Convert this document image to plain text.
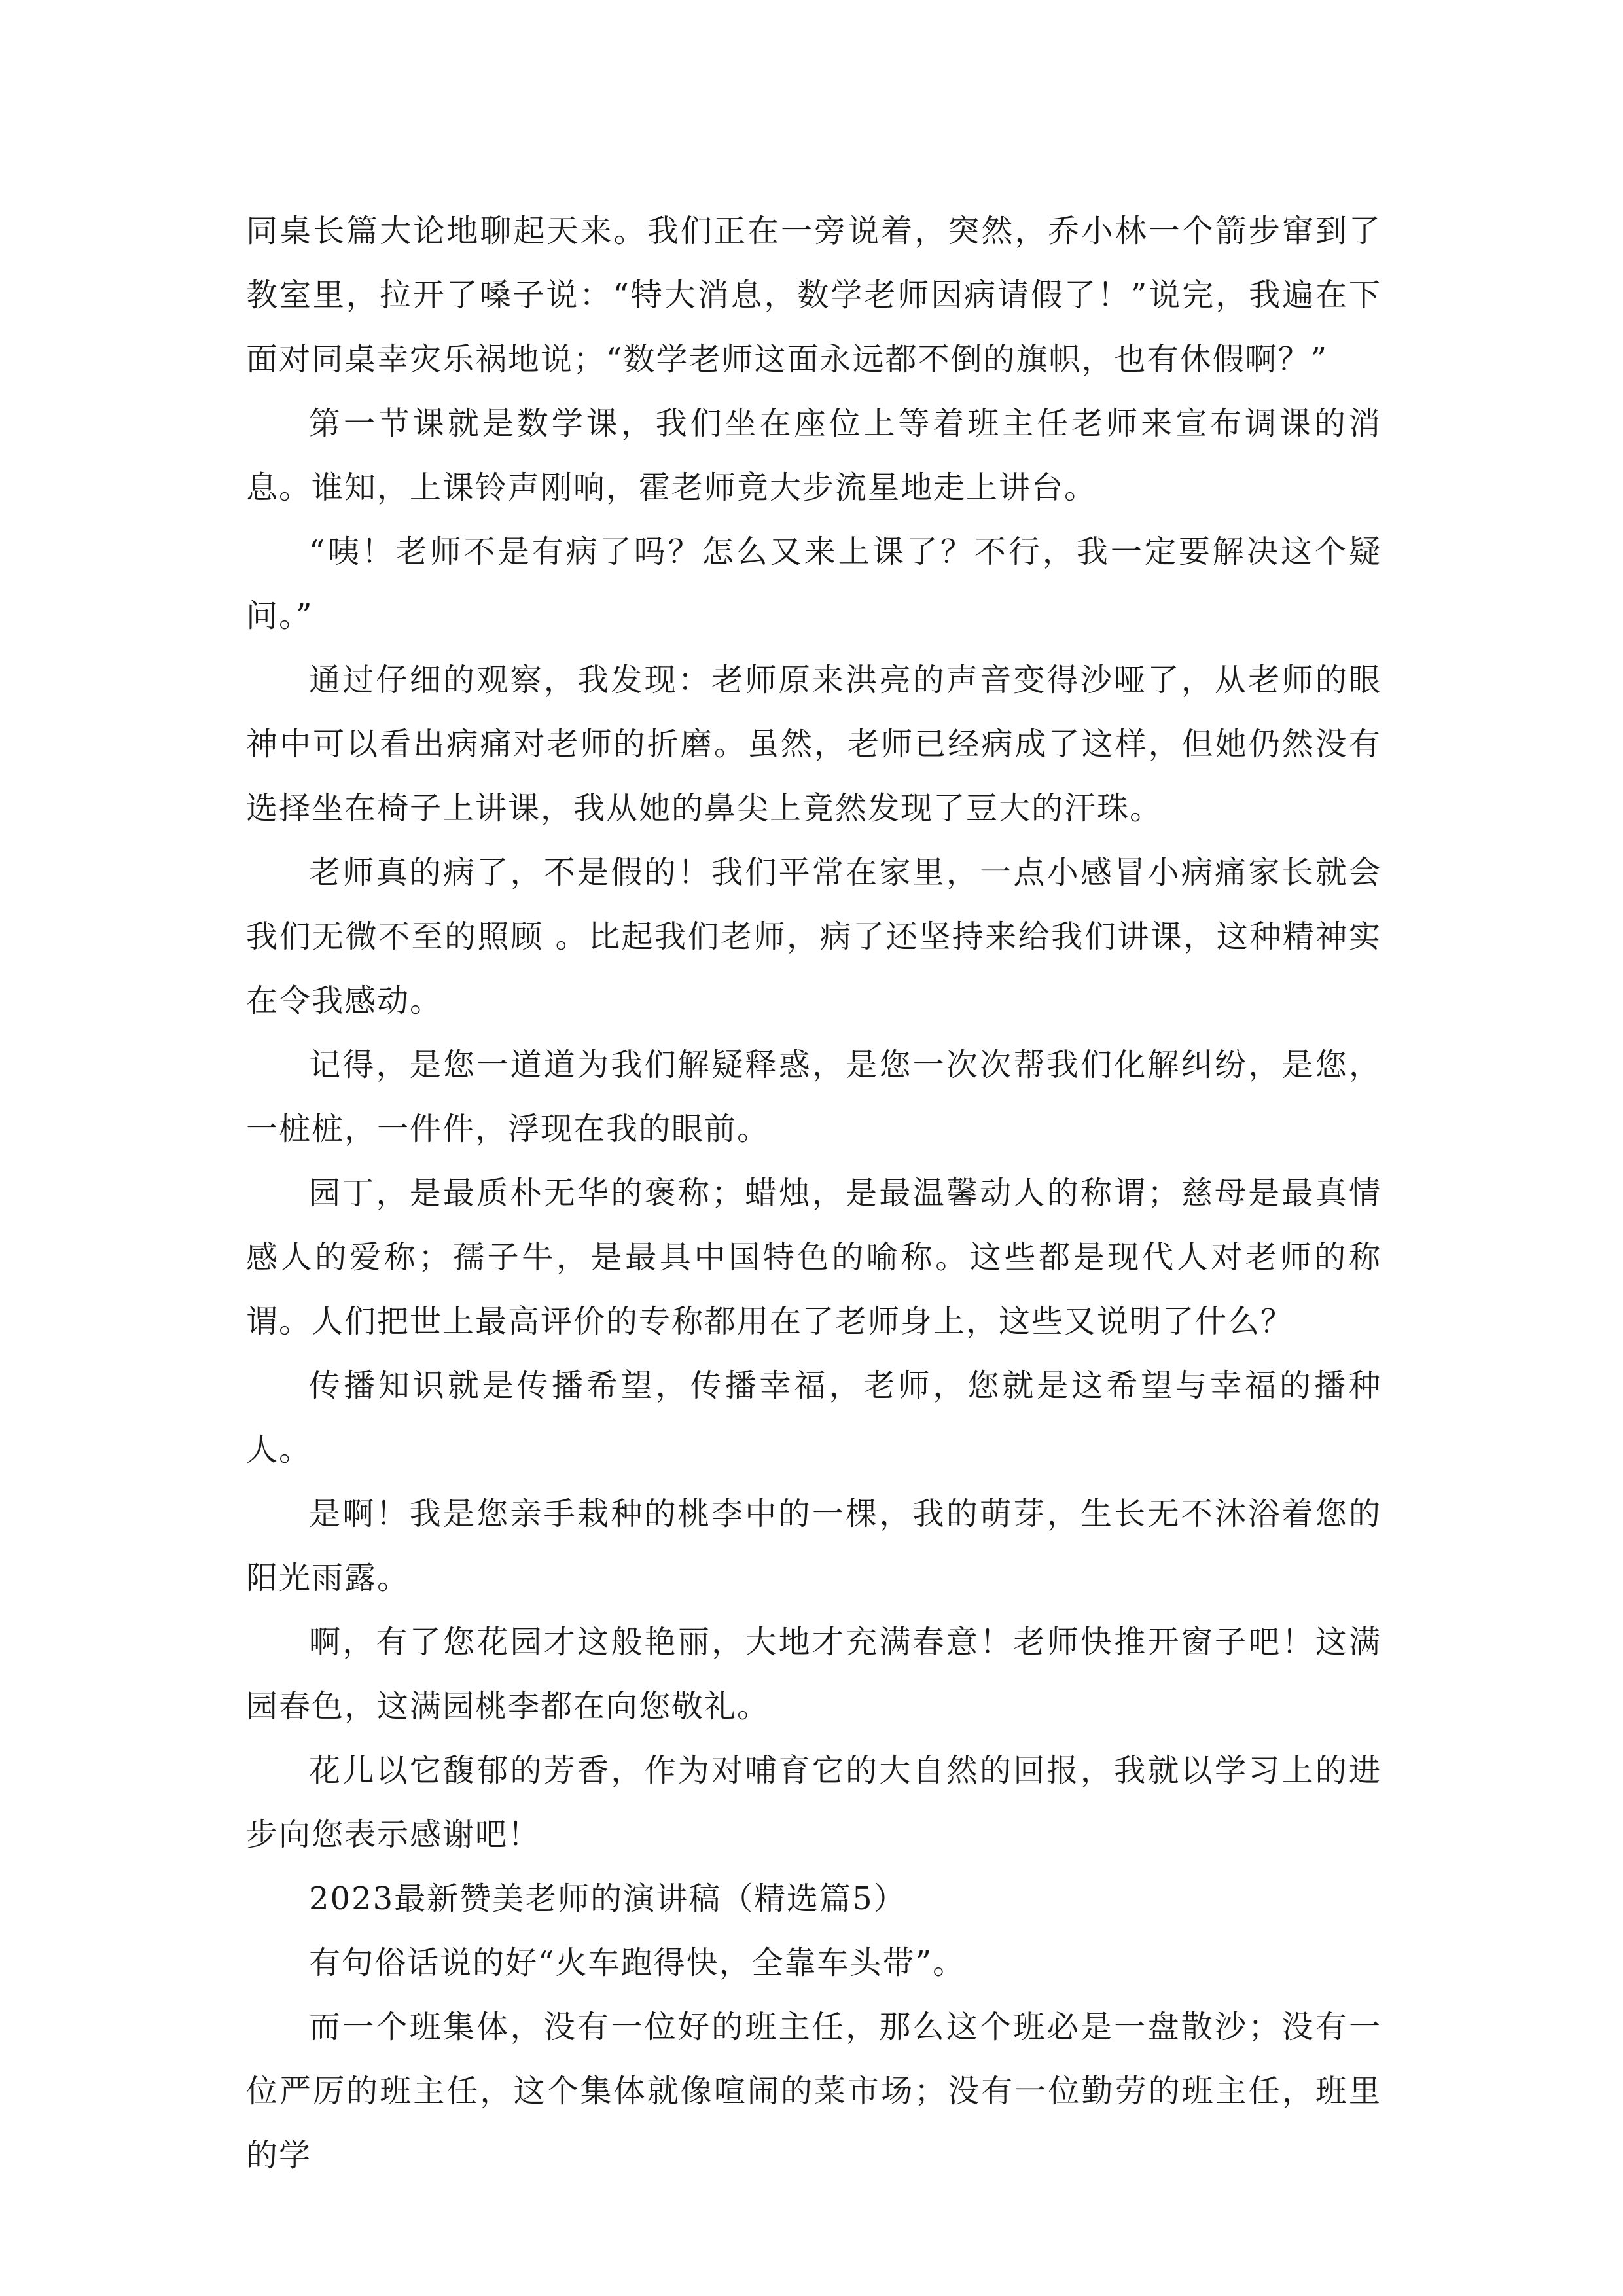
同桌长篇大论地聊起天来。我们正在一旁说着，突然，乔小林一个箭步窜到了教室里，拉开了嗓子说：“特大消息，数学老师因病请假了！”说完，我遍在下面对同桌幸灾乐祸地说；“数学老师这面永远都不倒的旗帜，也有休假啊？”

第一节课就是数学课，我们坐在座位上等着班主任老师来宣布调课的消息。谁知，上课铃声刚响，霍老师竟大步流星地走上讲台。

“咦！老师不是有病了吗？怎么又来上课了？不行，我一定要解决这个疑问。”

通过仔细的观察，我发现：老师原来洪亮的声音变得沙哑了，从老师的眼神中可以看出病痛对老师的折磨。虽然，老师已经病成了这样，但她仍然没有选择坐在椅子上讲课，我从她的鼻尖上竟然发现了豆大的汗珠。

老师真的病了，不是假的！我们平常在家里，一点小感冒小病痛家长就会我们无微不至的照顾 。比起我们老师，病了还坚持来给我们讲课，这种精神实在令我感动。

记得，是您一道道为我们解疑释惑，是您一次次帮我们化解纠纷，是您，一桩桩，一件件，浮现在我的眼前。

园丁，是最质朴无华的褒称；蜡烛，是最温馨动人的称谓；慈母是最真情感人的爱称；孺子牛，是最具中国特色的喻称。这些都是现代人对老师的称谓。人们把世上最高评价的专称都用在了老师身上，这些又说明了什么？

传播知识就是传播希望，传播幸福，老师，您就是这希望与幸福的播种人。

是啊！我是您亲手栽种的桃李中的一棵，我的萌芽，生长无不沐浴着您的阳光雨露。

啊，有了您花园才这般艳丽，大地才充满春意！老师快推开窗子吧！这满园春色，这满园桃李都在向您敬礼。

花儿以它馥郁的芳香，作为对哺育它的大自然的回报，我就以学习上的进步向您表示感谢吧！

2023最新赞美老师的演讲稿（精选篇5）

有句俗话说的好“火车跑得快，全靠车头带”。

而一个班集体，没有一位好的班主任，那么这个班必是一盘散沙；没有一位严厉的班主任，这个集体就像喧闹的菜市场；没有一位勤劳的班主任，班里的学
